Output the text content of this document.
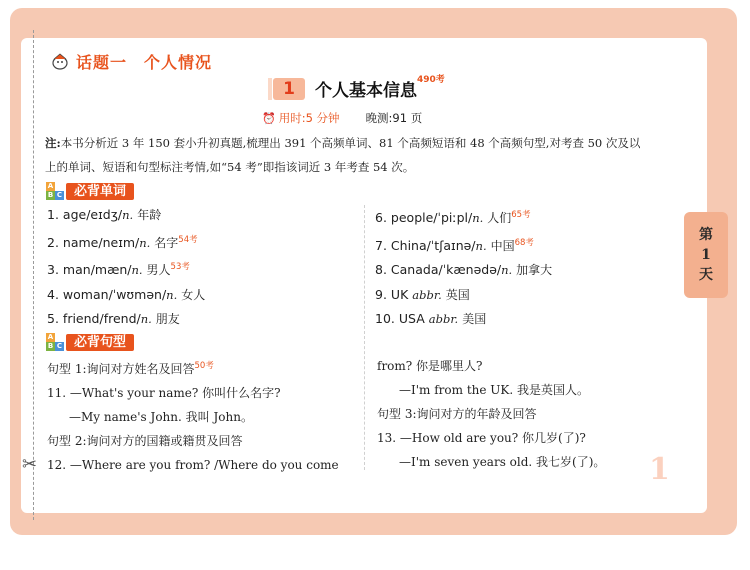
✂
第
1
天
话题一　个人情况
1	个人基本信息$^{490考}$
⏰ 用时:5 分钟 晚测:91 页
注:本书分析近 3 年 150 套小升初真题,梳理出 391 个高频单词、81 个高频短语和 48 个高频句型,对考查 50 次及以
上的单词、短语和句型标注考情,如“54 考”即指该词近 3 年考查 54 次。
A
B C 必背单词
1. age/eɪdʒ/n. 年龄
2. name/neɪm/n. 名字$^{54考}$
3. man/mæn/n. 男人$^{53考}$
4. woman/ˈwʊmən/n. 女人
5. friend/frend/n. 朋友
6. people/ˈpiːpl/n. 人们$^{65考}$
7. China/ˈtʃaɪnə/n. 中国$^{68考}$
8. Canada/ˈkænədə/n. 加拿大
9. UK abbr. 英国
10. USA abbr. 美国
A
B C 必背句型
句型 1:询问对方姓名及回答$^{50考}$
11. —What's your name? 你叫什么名字?
—My name's John. 我叫 John。
句型 2:询问对方的国籍或籍贯及回答
12. —Where are you from? /Where do you come
from? 你是哪里人?
—I'm from the UK. 我是英国人。
句型 3:询问对方的年龄及回答
13. —How old are you? 你几岁(了)?
—I'm seven years old. 我七岁(了)。 1
